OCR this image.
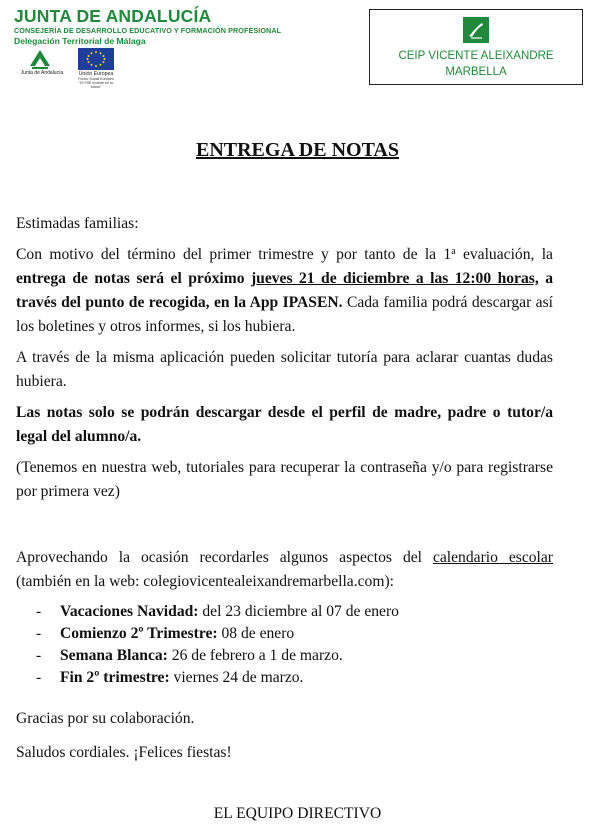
JUNTA DE ANDALUCÍA
CONSEJERÍA DE DESARROLLO EDUCATIVO Y FORMACIÓN PROFESIONAL
Delegación Territorial de Málaga
Junta de Andalucía	Unión Europea
Fondo Social Europeo
"El FSE invierte en tu futuro"
CEIP VICENTE ALEIXANDRE
MARBELLA
ENTREGA DE NOTAS

Estimadas familias:

Con motivo del término del primer trimestre y por tanto de la 1$^a$ evaluación, la entrega de notas será el próximo jueves 21 de diciembre a las 12:00 horas, a través del punto de recogida, en la App IPASEN. Cada familia podrá descargar así los boletines y otros informes, si los hubiera.

A través de la misma aplicación pueden solicitar tutoría para aclarar cuantas dudas hubiera.

Las notas solo se podrán descargar desde el perfil de madre, padre o tutor/a legal del alumno/a.

(Tenemos en nuestra web, tutoriales para recuperar la contraseña y/o para registrarse por primera vez)

Aprovechando la ocasión recordarles algunos aspectos del calendario escolar (también en la web: colegiovicentealeixandremarbella.com):

- Vacaciones Navidad: del 23 diciembre al 07 de enero
- Comienzo 2º Trimestre: 08 de enero
- Semana Blanca: 26 de febrero a 1 de marzo.
- Fin 2º trimestre: viernes 24 de marzo.

Gracias por su colaboración.

Saludos cordiales. ¡Felices fiestas!

EL EQUIPO DIRECTIVO
